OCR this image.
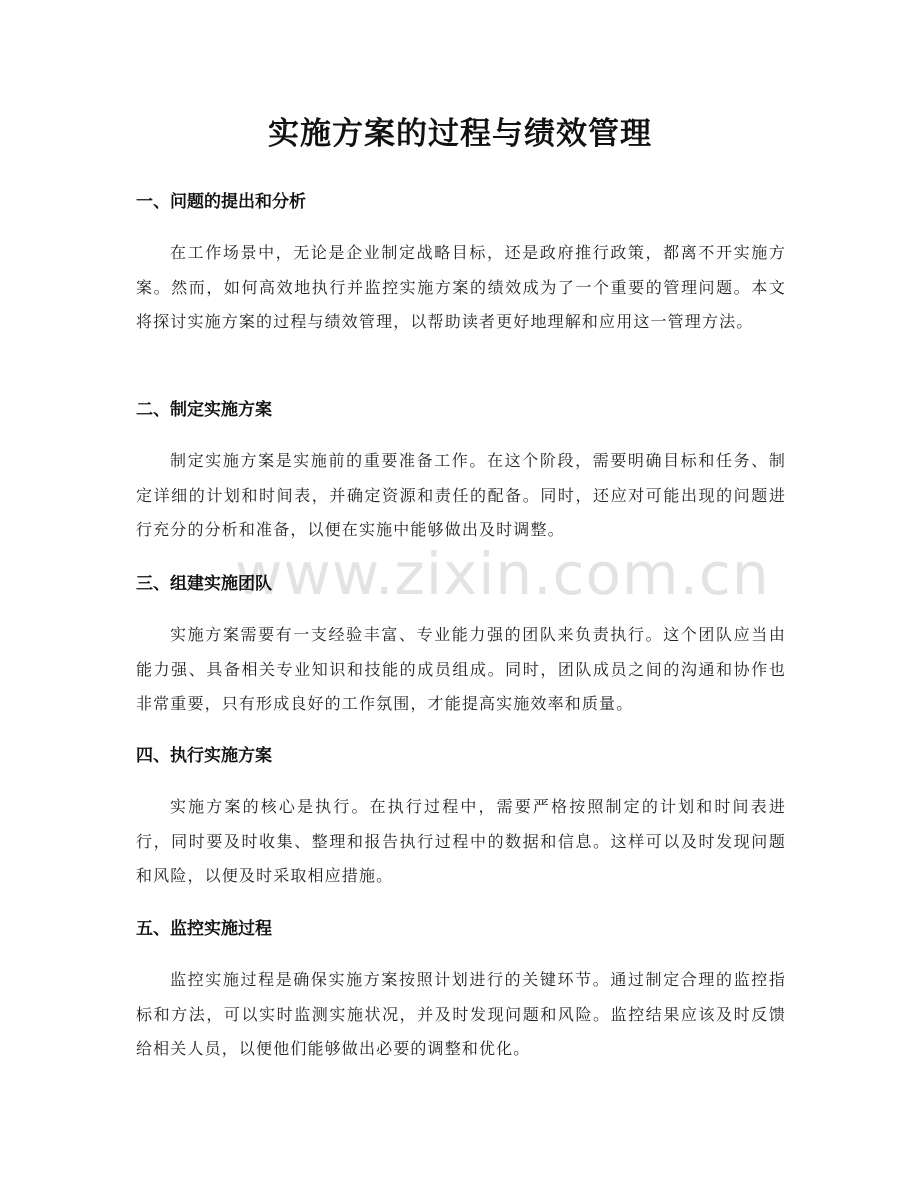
实施方案的过程与绩效管理
一、问题的提出和分析

在工作场景中，无论是企业制定战略目标，还是政府推行政策，都离不开实施方案。然而，如何高效地执行并监控实施方案的绩效成为了一个重要的管理问题。本文将探讨实施方案的过程与绩效管理，以帮助读者更好地理解和应用这一管理方法。

二、制定实施方案

制定实施方案是实施前的重要准备工作。在这个阶段，需要明确目标和任务、制定详细的计划和时间表，并确定资源和责任的配备。同时，还应对可能出现的问题进行充分的分析和准备，以便在实施中能够做出及时调整。

三、组建实施团队

实施方案需要有一支经验丰富、专业能力强的团队来负责执行。这个团队应当由能力强、具备相关专业知识和技能的成员组成。同时，团队成员之间的沟通和协作也非常重要，只有形成良好的工作氛围，才能提高实施效率和质量。

四、执行实施方案

实施方案的核心是执行。在执行过程中，需要严格按照制定的计划和时间表进行，同时要及时收集、整理和报告执行过程中的数据和信息。这样可以及时发现问题和风险，以便及时采取相应措施。

五、监控实施过程

监控实施过程是确保实施方案按照计划进行的关键环节。通过制定合理的监控指标和方法，可以实时监测实施状况，并及时发现问题和风险。监控结果应该及时反馈给相关人员，以便他们能够做出必要的调整和优化。

www.zixin.com.cn
